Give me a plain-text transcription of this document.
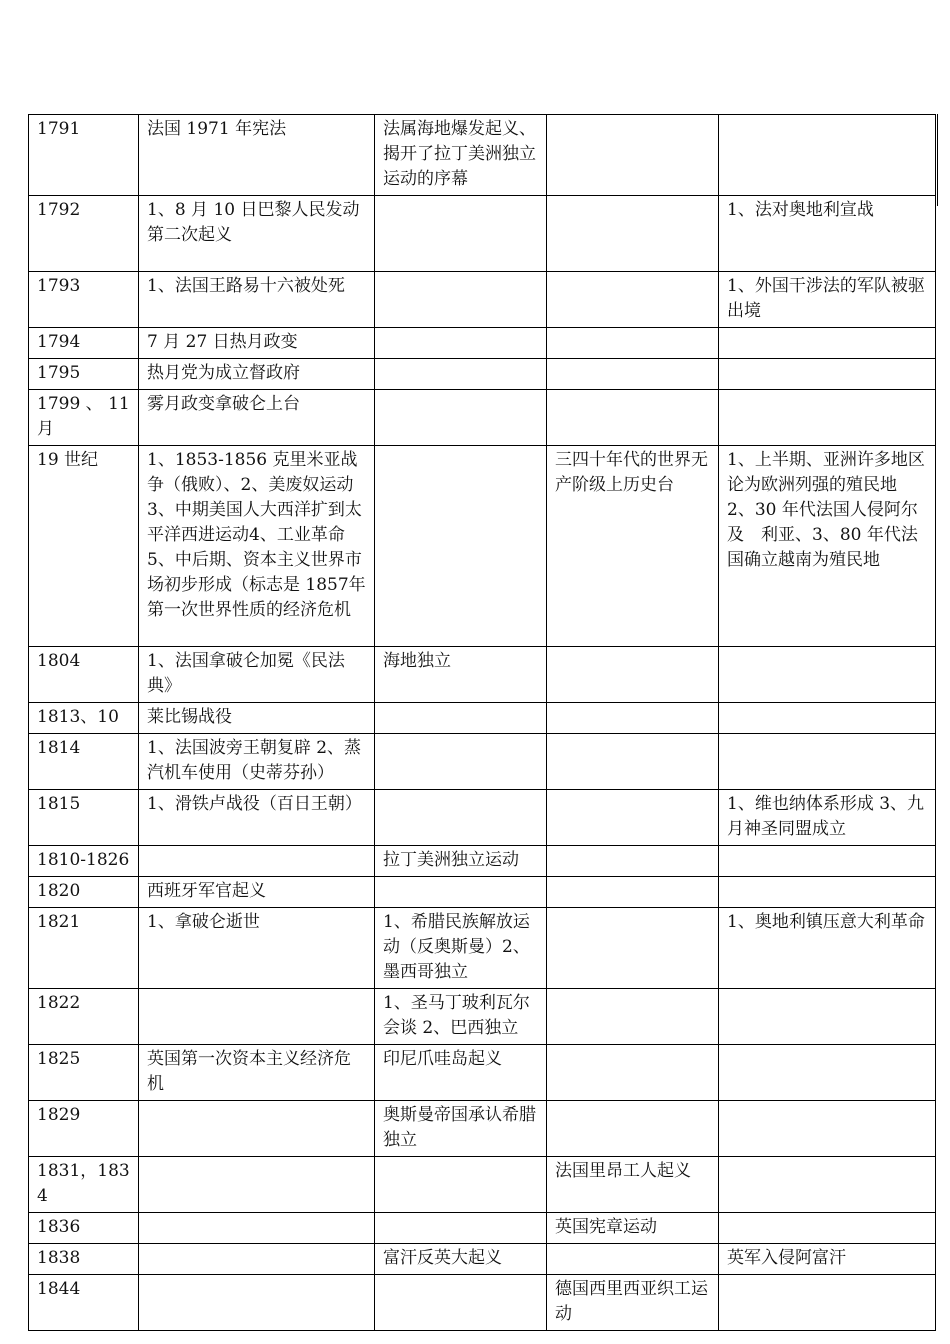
1791	法国 1971 年宪法	法属海地爆发起义、揭开了拉丁美洲独立运动的序幕		
1792	1、8 月 10 日巴黎人民发动第二次起义			1、法对奥地利宣战
1793	1、法国王路易十六被处死			1、外国干涉法的军队被驱出境
1794	7 月 27 日热月政变			
1795	热月党为成立督政府			
1799 、 11 月	雾月政变拿破仑上台			
19 世纪	1、1853-1856 克里米亚战争（俄败）、2、美废奴运动 3、中期美国人大西洋扩到太平洋西进运动4、工业革命 5、中后期、资本主义世界市场初步形成（标志是 1857年第一次世界性质的经济危机		三四十年代的世界无产阶级上历史台	1、上半期、亚洲许多地区论为欧洲列强的殖民地 2、30 年代法国人侵阿尔及　利亚、3、80 年代法国确立越南为殖民地
1804	1、法国拿破仑加冕《民法典》	海地独立		
1813、10	莱比锡战役			
1814	1、法国波旁王朝复辟 2、蒸汽机车使用（史蒂芬孙）			
1815	1、滑铁卢战役（百日王朝）			1、维也纳体系形成 3、九月神圣同盟成立
1810-1826		拉丁美洲独立运动		
1820	西班牙军官起义			
1821	1、拿破仑逝世	1、希腊民族解放运动（反奥斯曼）2、墨西哥独立		1、奥地利镇压意大利革命
1822		1、圣马丁玻利瓦尔会谈 2、巴西独立		
1825	英国第一次资本主义经济危机	印尼爪哇岛起义		
1829		奥斯曼帝国承认希腊独立		
1831，1834			法国里昂工人起义	
1836			英国宪章运动	
1838		富汗反英大起义		英军入侵阿富汗
1844			德国西里西亚织工运动	
